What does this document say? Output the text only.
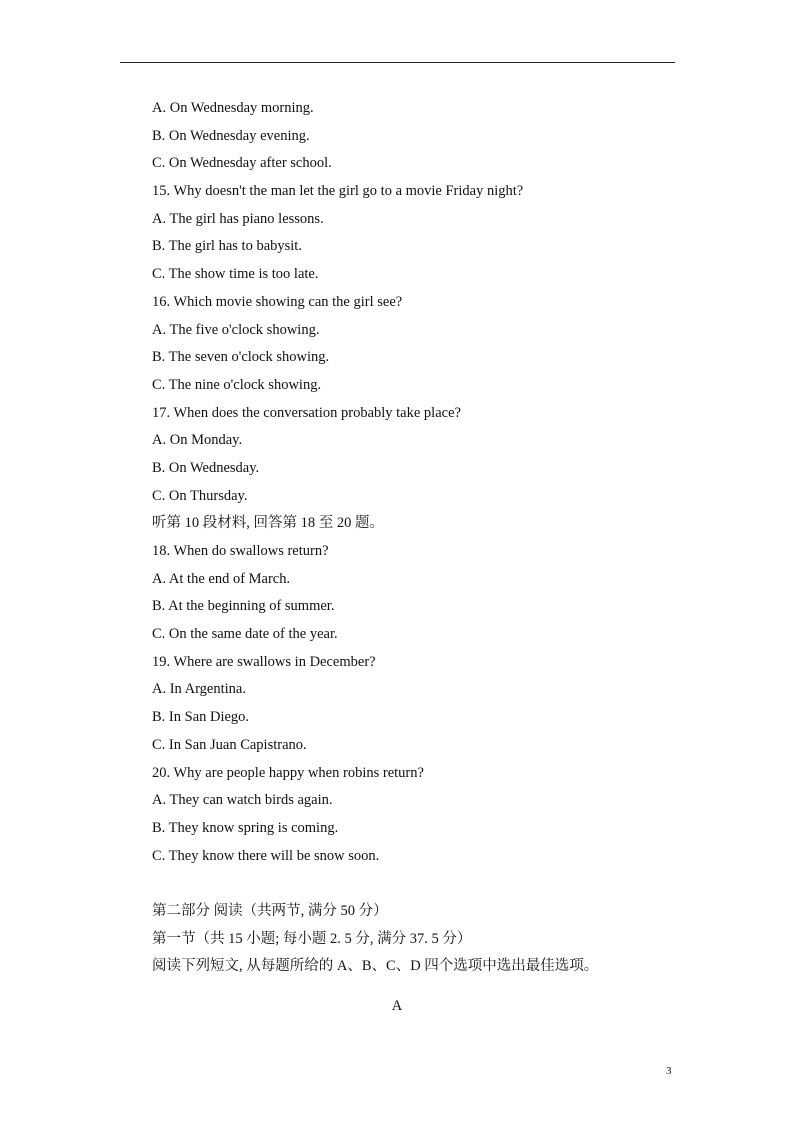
A. On Wednesday morning.
B. On Wednesday evening.
C. On Wednesday after school.
15. Why doesn't the man let the girl go to a movie Friday night?
A. The girl has piano lessons.
B. The girl has to babysit.
C. The show time is too late.
16. Which movie showing can the girl see?
A. The five o'clock showing.
B. The seven o'clock showing.
C. The nine o'clock showing.
17. When does the conversation probably take place?
A. On Monday.
B. On Wednesday.
C. On Thursday.
听第 10 段材料, 回答第 18 至 20 题。
18. When do swallows return?
A. At the end of March.
B. At the beginning of summer.
C. On the same date of the year.
19. Where are swallows in December?
A. In Argentina.
B. In San Diego.
C. In San Juan Capistrano.
20. Why are people happy when robins return?
A. They can watch birds again.
B. They know spring is coming.
C. They know there will be snow soon.
第二部分 阅读（共两节, 满分 50 分）
第一节（共 15 小题; 每小题 2. 5 分, 满分 37. 5 分）
阅读下列短文, 从每题所给的 A、B、C、D 四个选项中选出最佳选项。
A
3
